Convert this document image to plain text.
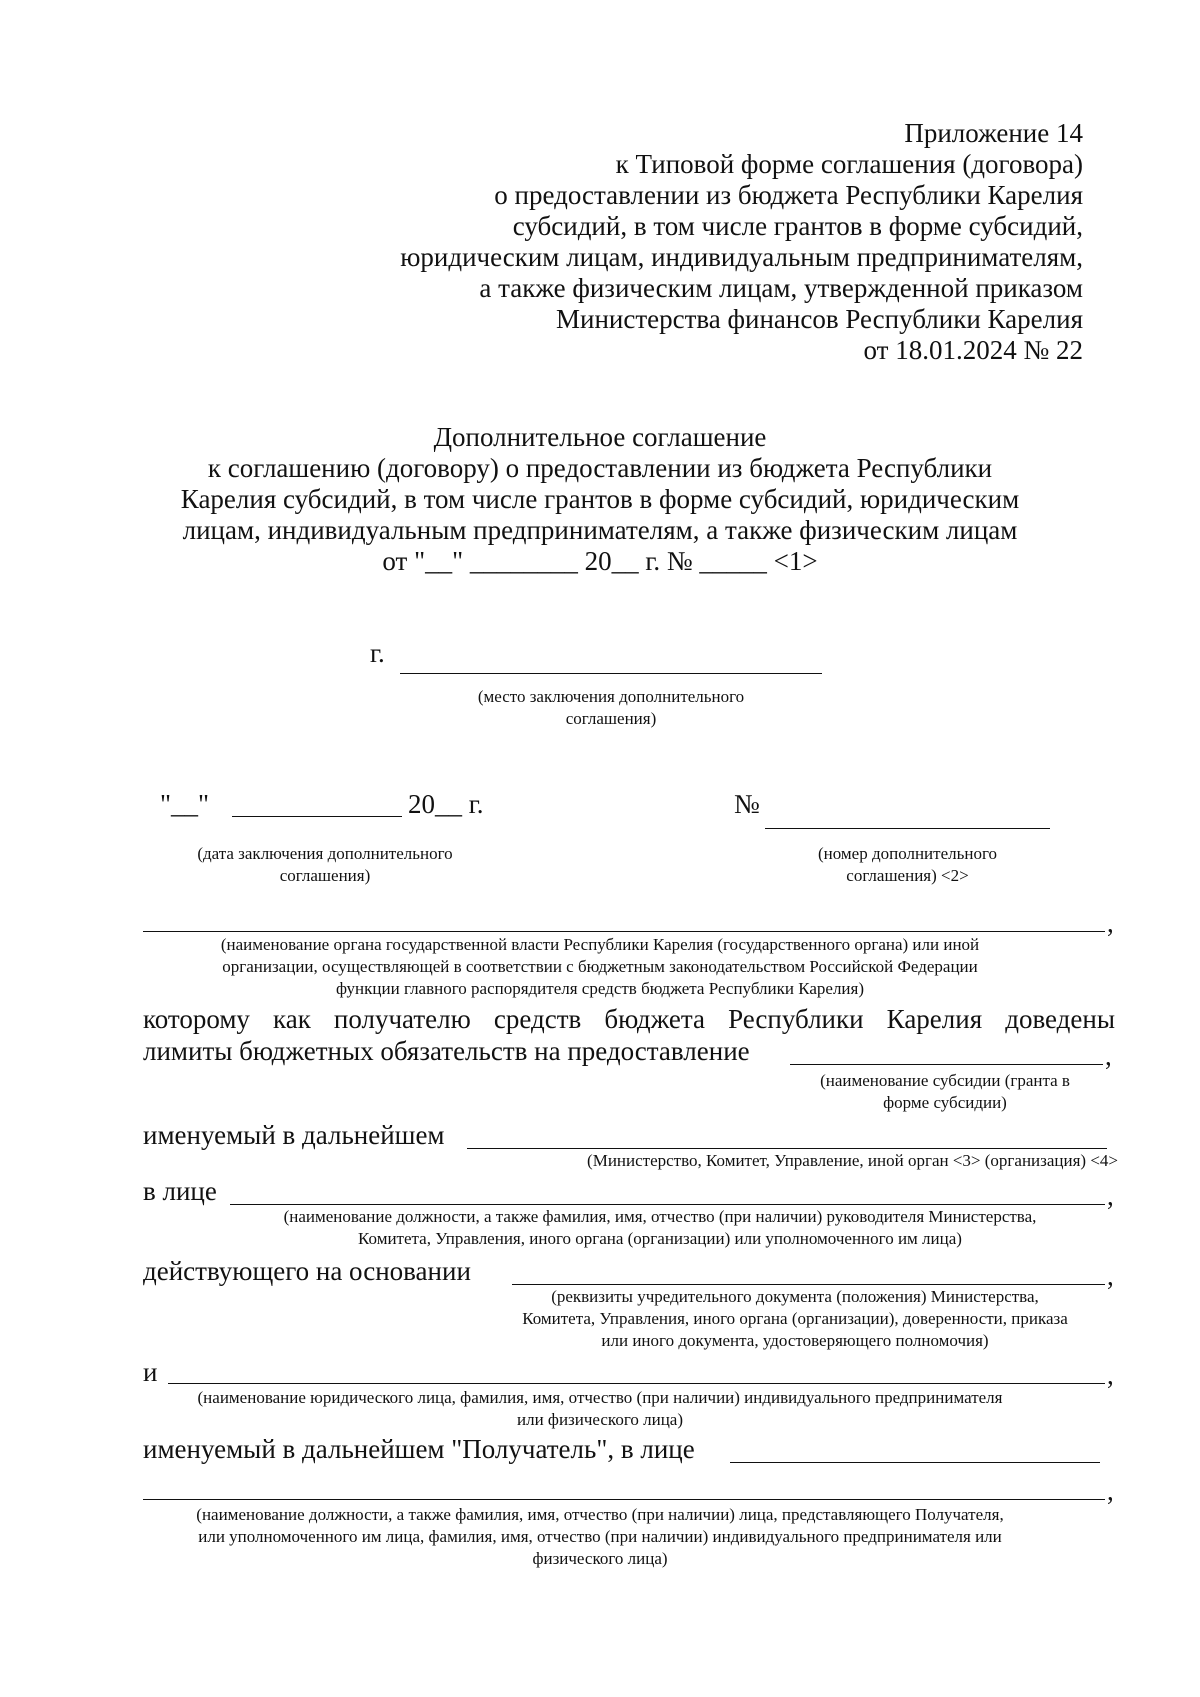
Приложение 14
к Типовой форме соглашения (договора)
о предоставлении из бюджета Республики Карелия
субсидий, в том числе грантов в форме субсидий,
юридическим лицам, индивидуальным предпринимателям,
а также физическим лицам, утвержденной приказом
Министерства финансов Республики Карелия
от 18.01.2024 № 22
Дополнительное соглашение
к соглашению (договору) о предоставлении из бюджета Республики
Карелия субсидий, в том числе грантов в форме субсидий, юридическим
лицам, индивидуальным предпринимателям, а также физическим лицам
от "__" ________ 20__ г. № _____ <1>
г.
(место заключения дополнительного
соглашения)
"__"	20__ г.
(дата заключения дополнительного
соглашения)
№
(номер дополнительного
соглашения) <2>
,
(наименование органа государственной власти Республики Карелия (государственного органа) или иной
организации, осуществляющей в соответствии с бюджетным законодательством Российской Федерации
функции главного распорядителя средств бюджета Республики Карелия)
которому как получателю средств бюджета Республики Карелия доведены
лимиты бюджетных обязательств на предоставление	,
(наименование субсидии (гранта в
форме субсидии)
именуемый в дальнейшем
(Министерство, Комитет, Управление, иной орган <3> (организация) <4>
в лице	,
(наименование должности, а также фамилия, имя, отчество (при наличии) руководителя Министерства,
Комитета, Управления, иного органа (организации) или уполномоченного им лица)
действующего на основании	,
(реквизиты учредительного документа (положения) Министерства,
Комитета, Управления, иного органа (организации), доверенности, приказа
или иного документа, удостоверяющего полномочия)
и	,
(наименование юридического лица, фамилия, имя, отчество (при наличии) индивидуального предпринимателя
или физического лица)
именуемый в дальнейшем "Получатель", в лице
,
(наименование должности, а также фамилия, имя, отчество (при наличии) лица, представляющего Получателя,
или уполномоченного им лица, фамилия, имя, отчество (при наличии) индивидуального предпринимателя или
физического лица)
